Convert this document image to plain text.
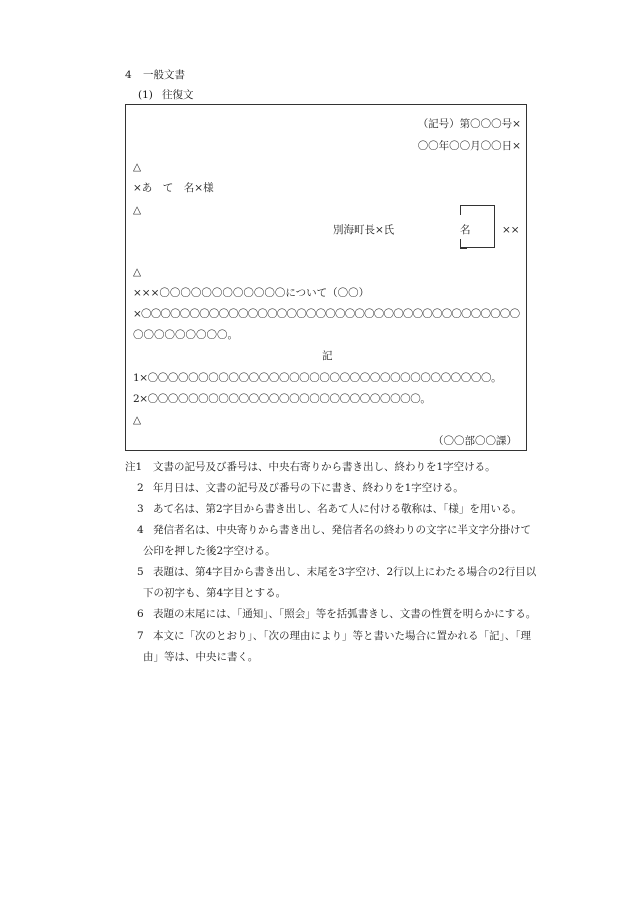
4 一般文書
(1) 往復文
（記号）第〇〇〇号×
〇〇年〇〇月〇〇日×
△
×あ　て　名×様
△
別海町長×氏	名	××
△
×××〇〇〇〇〇〇〇〇〇〇〇〇について（〇〇）
×〇〇〇〇〇〇〇〇〇〇〇〇〇〇〇〇〇〇〇〇〇〇〇〇〇〇〇〇〇〇〇〇〇〇〇〇〇〇〇
〇〇〇〇〇〇〇〇〇。
記
1×〇〇〇〇〇〇〇〇〇〇〇〇〇〇〇〇〇〇〇〇〇〇〇〇〇〇〇〇〇〇〇〇〇〇。
2×〇〇〇〇〇〇〇〇〇〇〇〇〇〇〇〇〇〇〇〇〇〇〇〇〇〇〇。
△
（〇〇部〇〇課）
注1 文書の記号及び番号は、中央右寄りから書き出し、終わりを1字空ける。
2 年月日は、文書の記号及び番号の下に書き、終わりを1字空ける。
3 あて名は、第2字目から書き出し、名あて人に付ける敬称は、「様」を用いる。
4 発信者名は、中央寄りから書き出し、発信者名の終わりの文字に半文字分掛けて
公印を押した後2字空ける。
5 表題は、第4字目から書き出し、末尾を3字空け、2行以上にわたる場合の2行目以
下の初字も、第4字目とする。
6 表題の末尾には、「通知」、「照会」等を括弧書きし、文書の性質を明らかにする。
7 本文に「次のとおり」、「次の理由により」等と書いた場合に置かれる「記」、「理
由」等は、中央に書く。
